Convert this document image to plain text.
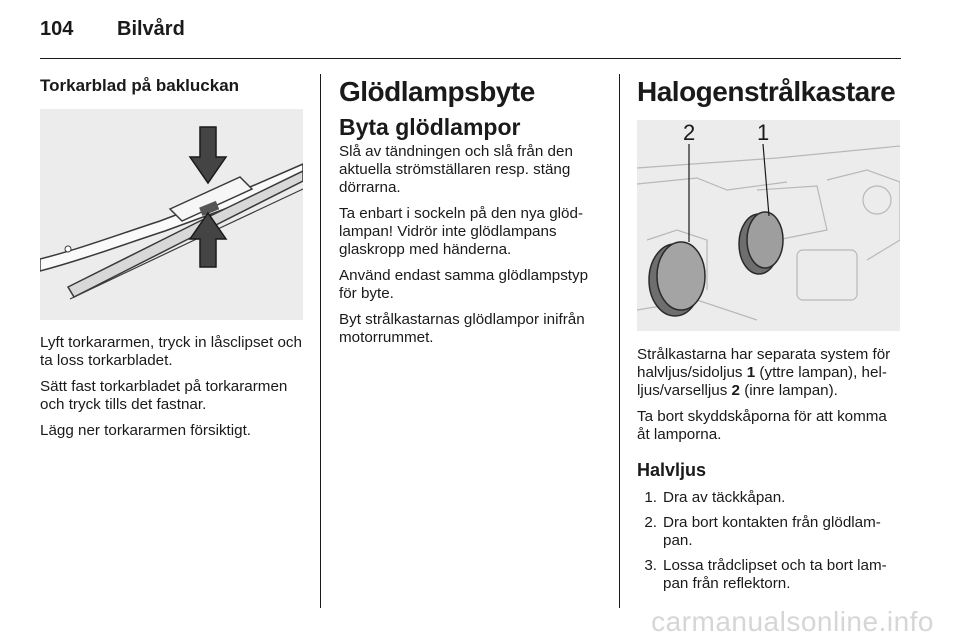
104 Bilvård
Torkarblad på bakluckan

Lyft torkararmen, tryck in låsclipset och ta loss torkarbladet.

Sätt fast torkarbladet på torkararmen och tryck tills det fastnar.

Lägg ner torkararmen försiktigt.

Glödlampsbyte
Byta glödlampor

Slå av tändningen och slå från den aktuella strömställaren resp. stäng dörrarna.

Ta enbart i sockeln på den nya glöd-lampan! Vidrör inte glödlampans glaskropp med händerna.

Använd endast samma glödlampstyp för byte.

Byt strålkastarnas glödlampor inifrån motorrummet.

Halogenstrålkastare
2	1

Strålkastarna har separata system för halvljus/sidoljus 1 (yttre lampan), hel-ljus/varselljus 2 (inre lampan).

Ta bort skyddskåporna för att komma åt lamporna.

Halvljus
1. Dra av täckkåpan.
2. Dra bort kontakten från glödlam-pan.
3. Lossa trådclipset och ta bort lam-pan från reflektorn.
carmanualsonline.info
